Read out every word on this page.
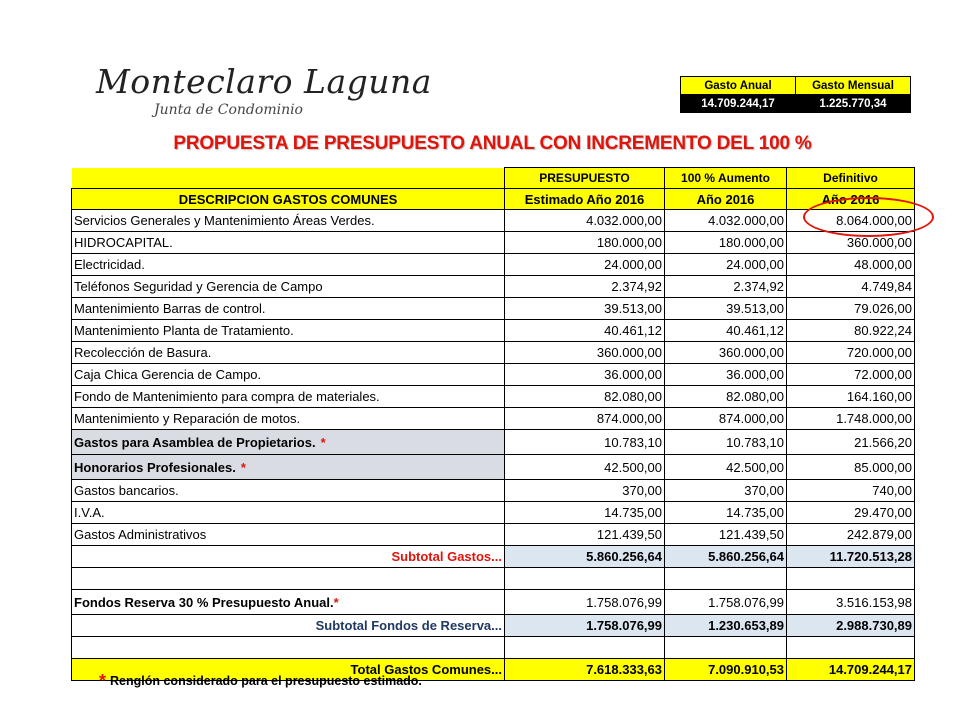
Monteclaro Laguna
Junta de Condominio
Gasto Anual	Gasto Mensual
14.709.244,17	1.225.770,34
PROPUESTA DE PRESUPUESTO ANUAL CON INCREMENTO DEL 100 %
	PRESUPUESTO	100 % Aumento	Definitivo
DESCRIPCION GASTOS COMUNES	Estimado Año 2016	Año 2016	Año 2016
Servicios Generales y Mantenimiento Áreas Verdes.	4.032.000,00	4.032.000,00	8.064.000,00
HIDROCAPITAL.	180.000,00	180.000,00	360.000,00
Electricidad.	24.000,00	24.000,00	48.000,00
Teléfonos Seguridad y Gerencia de Campo	2.374,92	2.374,92	4.749,84
Mantenimiento Barras de control.	39.513,00	39.513,00	79.026,00
Mantenimiento Planta de Tratamiento.	40.461,12	40.461,12	80.922,24
Recolección de Basura.	360.000,00	360.000,00	720.000,00
Caja Chica Gerencia de Campo.	36.000,00	36.000,00	72.000,00
Fondo de Mantenimiento para compra de materiales.	82.080,00	82.080,00	164.160,00
Mantenimiento y Reparación de motos.	874.000,00	874.000,00	1.748.000,00
Gastos para Asamblea de Propietarios. *	10.783,10	10.783,10	21.566,20
Honorarios Profesionales. *	42.500,00	42.500,00	85.000,00
Gastos bancarios.	370,00	370,00	740,00
I.V.A.	14.735,00	14.735,00	29.470,00
Gastos Administrativos	121.439,50	121.439,50	242.879,00
Subtotal Gastos...	5.860.256,64	5.860.256,64	11.720.513,28

Fondos Reserva 30 % Presupuesto Anual.*	1.758.076,99	1.758.076,99	3.516.153,98
Subtotal Fondos de Reserva...	1.758.076,99	1.230.653,89	2.988.730,89

Total Gastos Comunes...	7.618.333,63	7.090.910,53	14.709.244,17
* Renglón considerado para el presupuesto estimado.
